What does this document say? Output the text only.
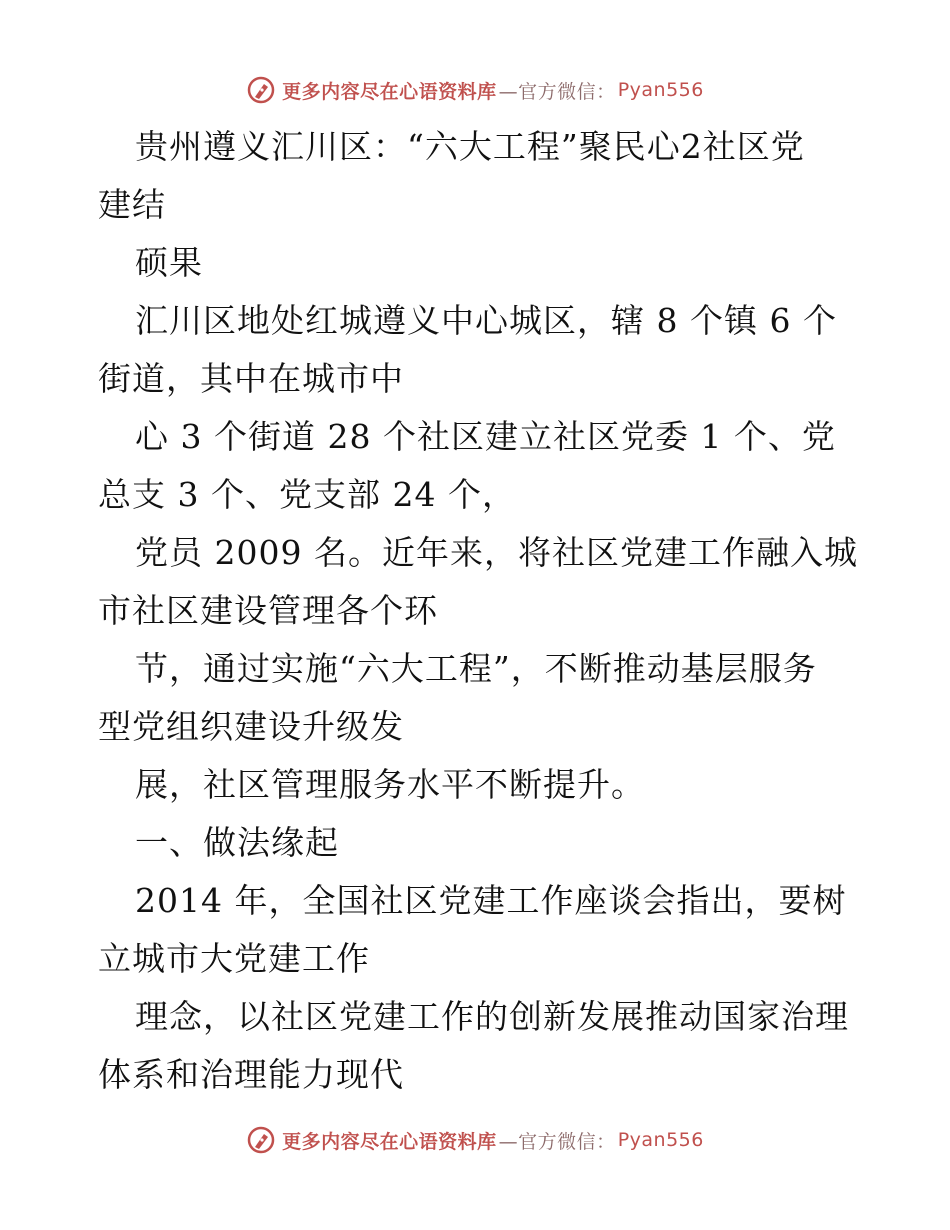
更多内容尽在心语资料库 —官方微信： Pyan556
贵州遵义汇川区：“六大工程”聚民心2社区党
建结
硕果
汇川区地处红城遵义中心城区，辖 8 个镇 6 个
街道，其中在城市中
心 3 个街道 28 个社区建立社区党委 1 个、党
总支 3 个、党支部 24 个，
党员 2009 名。近年来，将社区党建工作融入城
市社区建设管理各个环
节，通过实施“六大工程”，不断推动基层服务
型党组织建设升级发
展，社区管理服务水平不断提升。
一、做法缘起
2014 年，全国社区党建工作座谈会指出，要树
立城市大党建工作
理念，以社区党建工作的创新发展推动国家治理
体系和治理能力现代
更多内容尽在心语资料库 —官方微信： Pyan556
